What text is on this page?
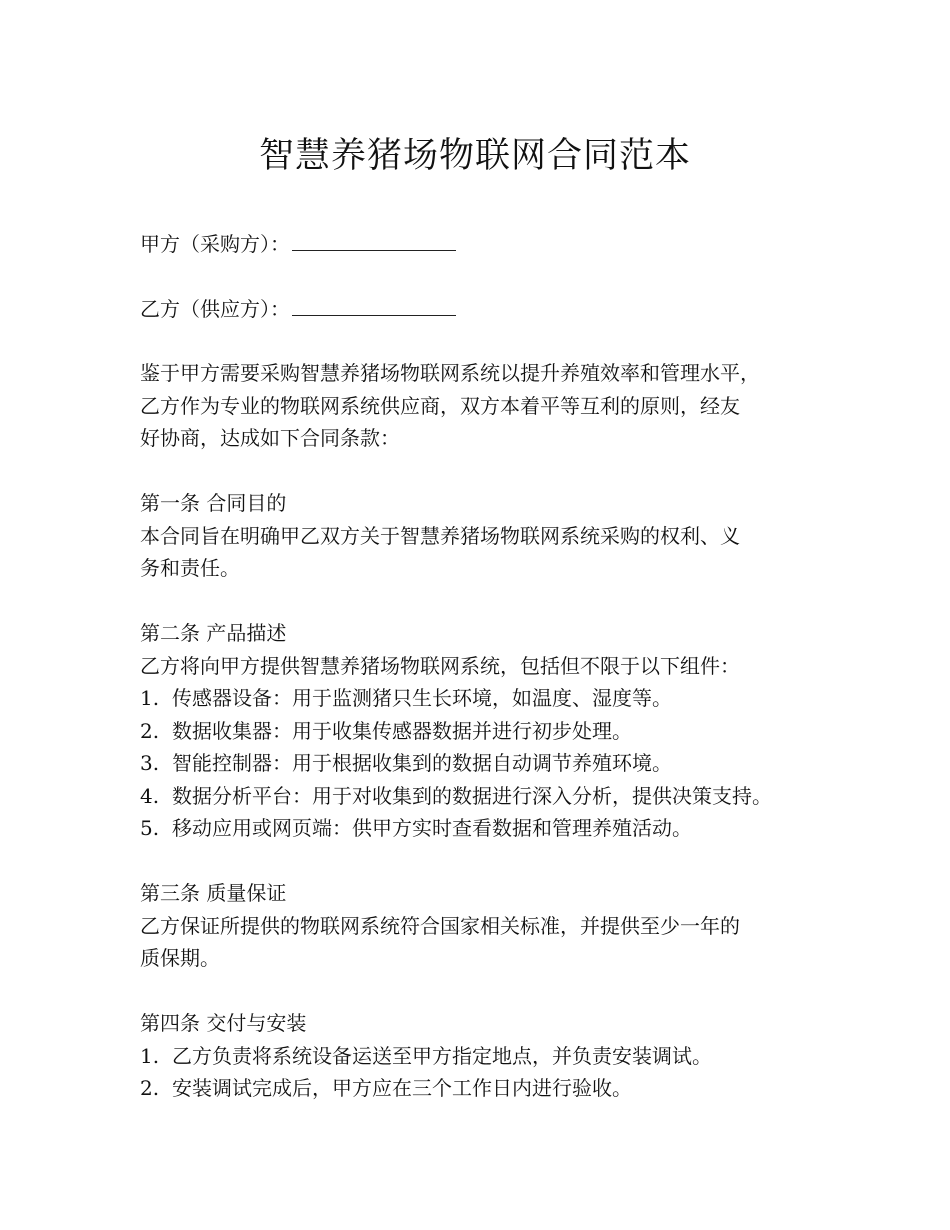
智慧养猪场物联网合同范本
甲方（采购方）：
乙方（供应方）：
鉴于甲方需要采购智慧养猪场物联网系统以提升养殖效率和管理水平，
乙方作为专业的物联网系统供应商，双方本着平等互利的原则，经友
好协商，达成如下合同条款：
第一条 合同目的
本合同旨在明确甲乙双方关于智慧养猪场物联网系统采购的权利、义
务和责任。
第二条 产品描述
乙方将向甲方提供智慧养猪场物联网系统，包括但不限于以下组件：
1. 传感器设备：用于监测猪只生长环境，如温度、湿度等。
2. 数据收集器：用于收集传感器数据并进行初步处理。
3. 智能控制器：用于根据收集到的数据自动调节养殖环境。
4. 数据分析平台：用于对收集到的数据进行深入分析，提供决策支持。
5. 移动应用或网页端：供甲方实时查看数据和管理养殖活动。
第三条 质量保证
乙方保证所提供的物联网系统符合国家相关标准，并提供至少一年的
质保期。
第四条 交付与安装
1. 乙方负责将系统设备运送至甲方指定地点，并负责安装调试。
2. 安装调试完成后，甲方应在三个工作日内进行验收。
